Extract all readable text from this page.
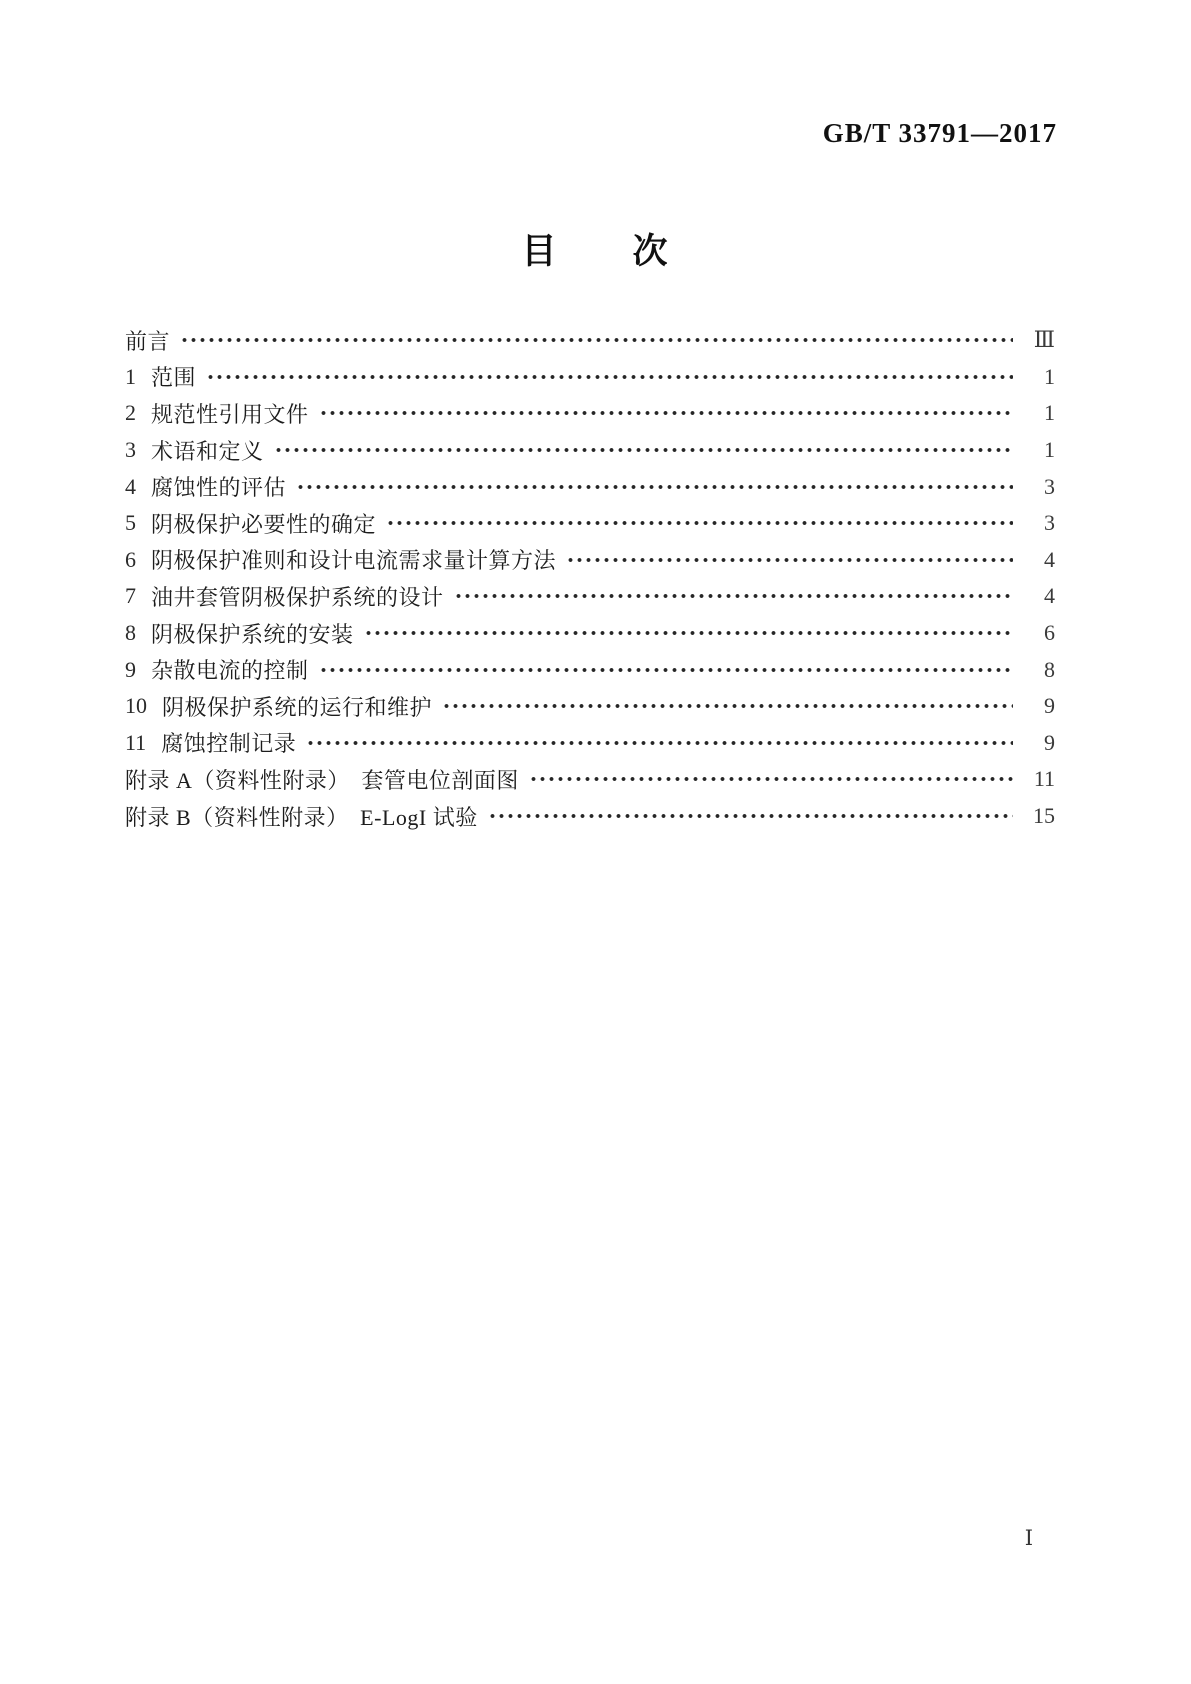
GB/T 33791—2017
目　　次
前言	Ⅲ
1 范围	1
2 规范性引用文件	1
3 术语和定义	1
4 腐蚀性的评估	3
5 阴极保护必要性的确定	3
6 阴极保护准则和设计电流需求量计算方法	4
7 油井套管阴极保护系统的设计	4
8 阴极保护系统的安装	6
9 杂散电流的控制	8
10 阴极保护系统的运行和维护	9
11 腐蚀控制记录	9
附录 A（资料性附录）　套管电位剖面图	11
附录 B（资料性附录）　E-LogI 试验	15
Ⅰ
